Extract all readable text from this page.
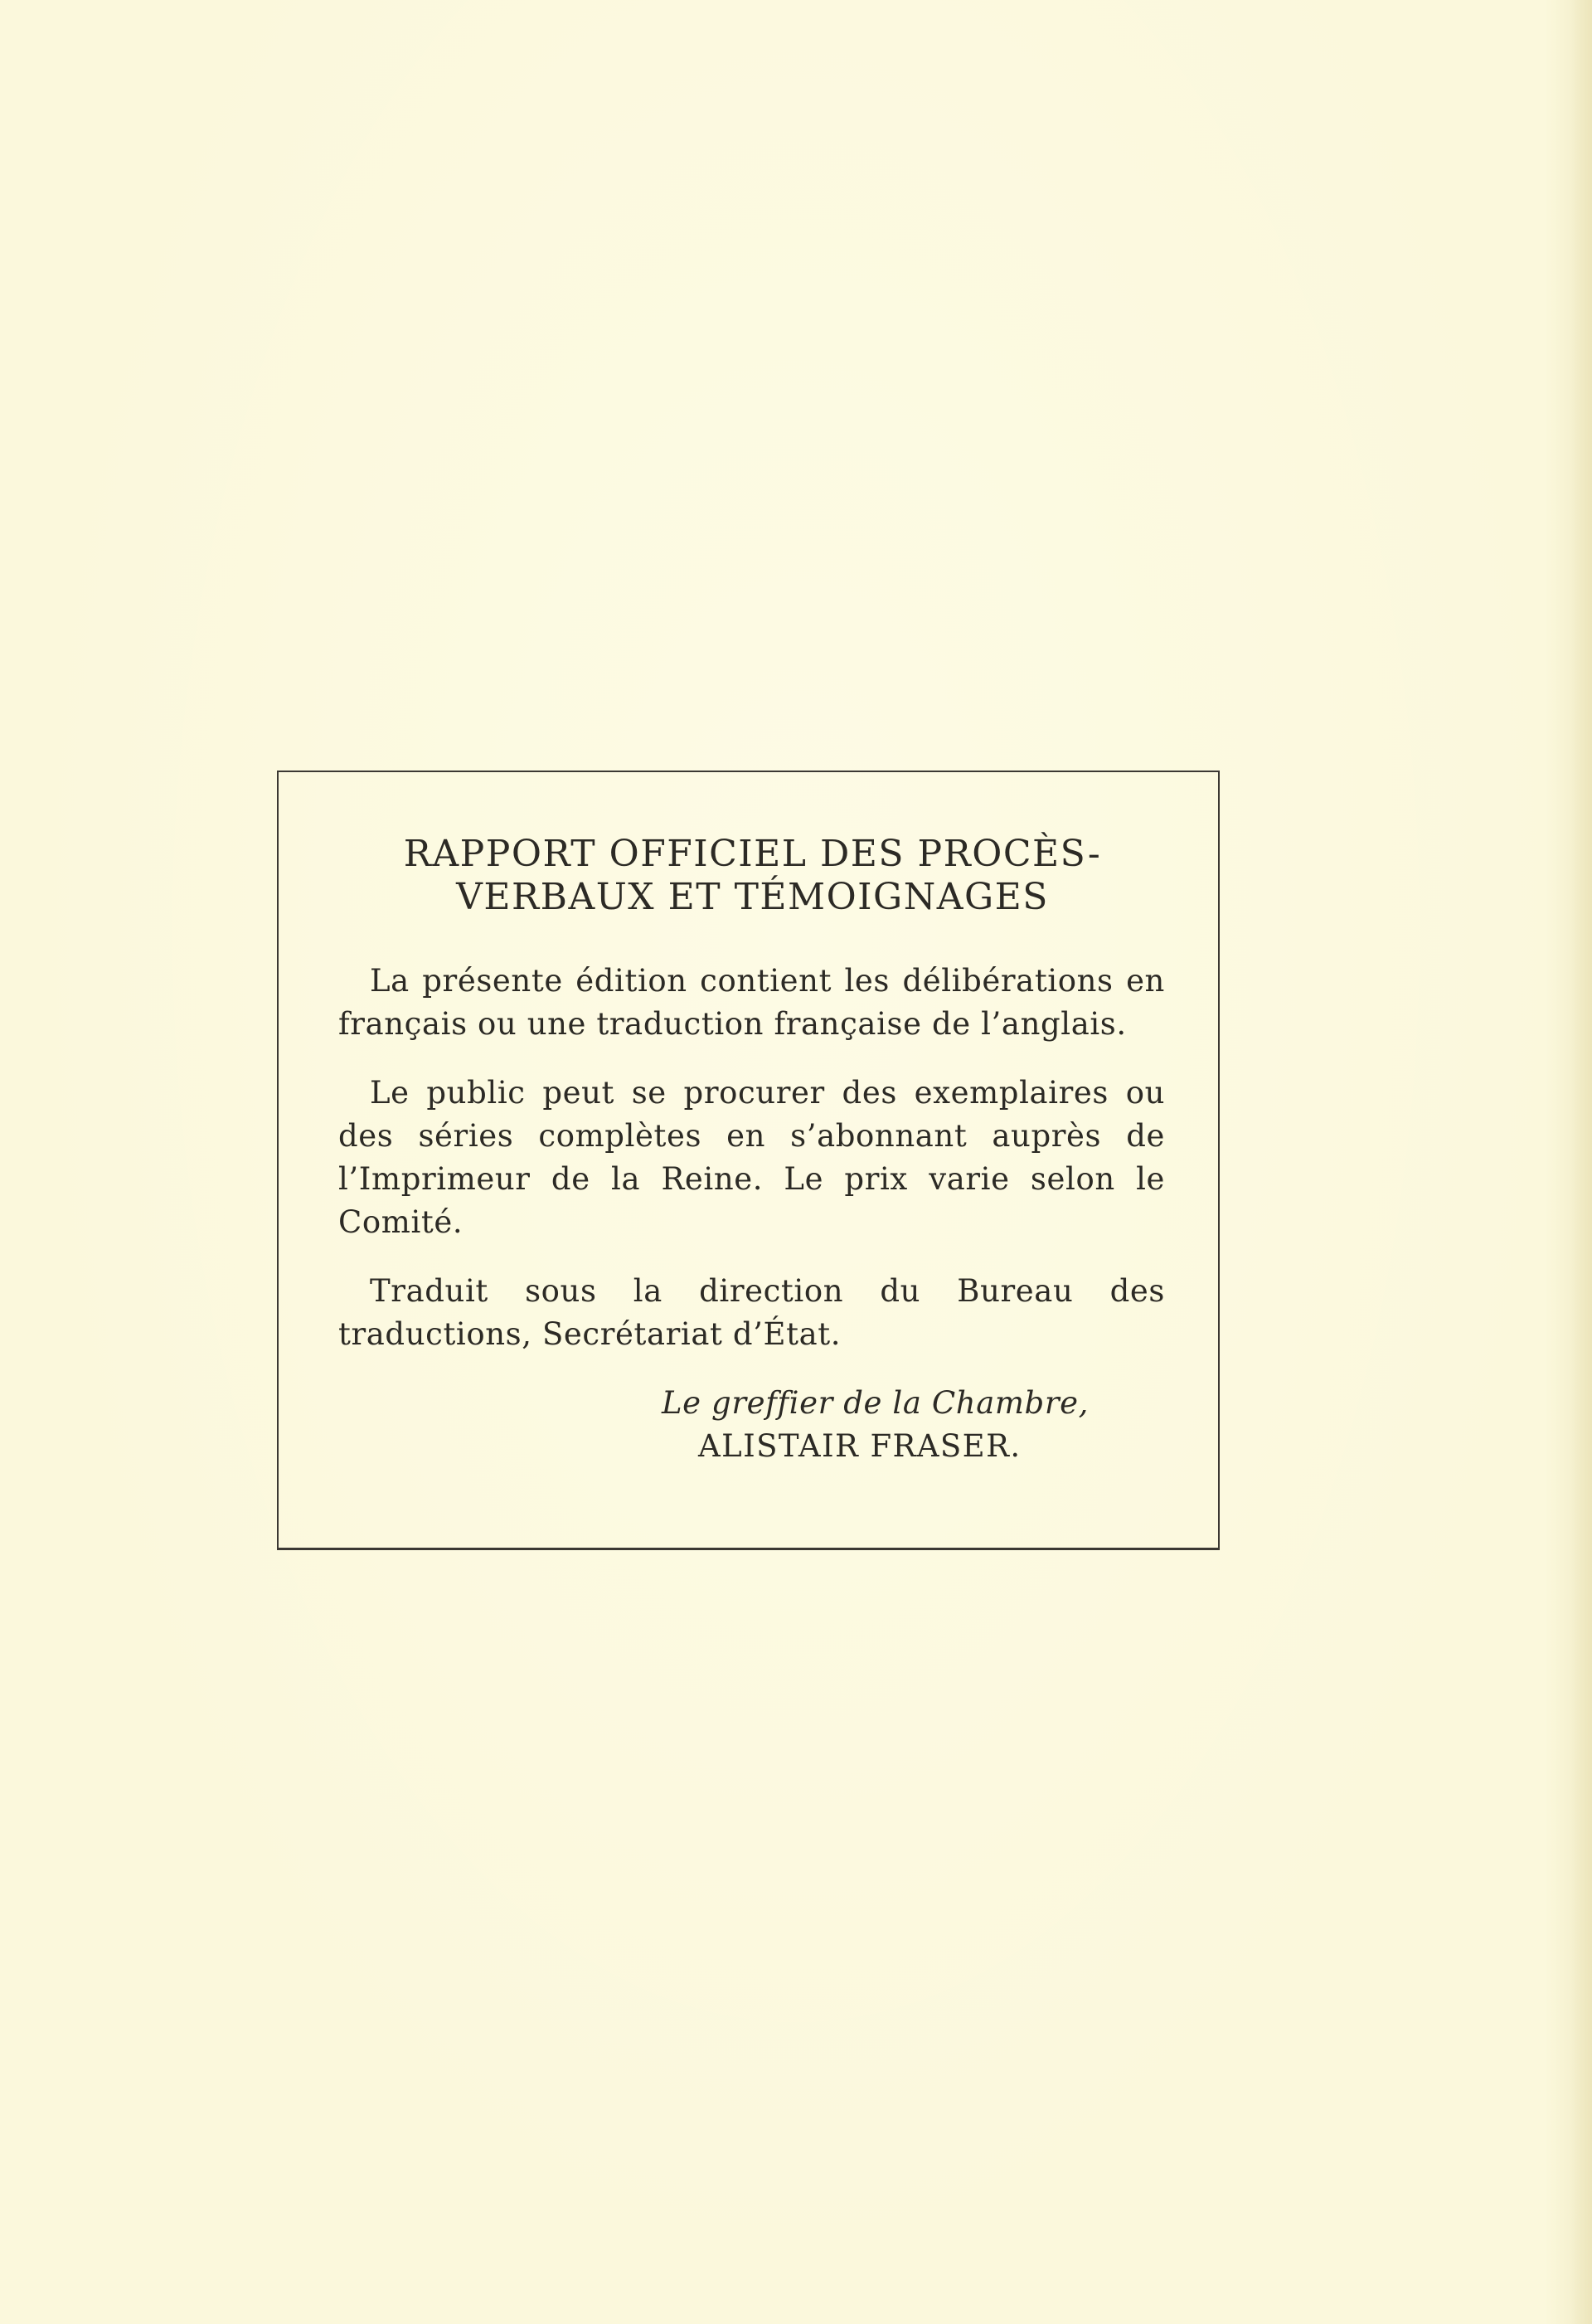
RAPPORT OFFICIEL DES PROCÈS-
VERBAUX ET TÉMOIGNAGES

La présente édition contient les délibérations en français ou une traduction française de l’anglais.

Le public peut se procurer des exemplaires ou des séries complètes en s’abonnant auprès de l’Imprimeur de la Reine. Le prix varie selon le Comité.

Traduit sous la direction du Bureau des traductions, Secrétariat d’État.

Le greffier de la Chambre,
ALISTAIR FRASER.
